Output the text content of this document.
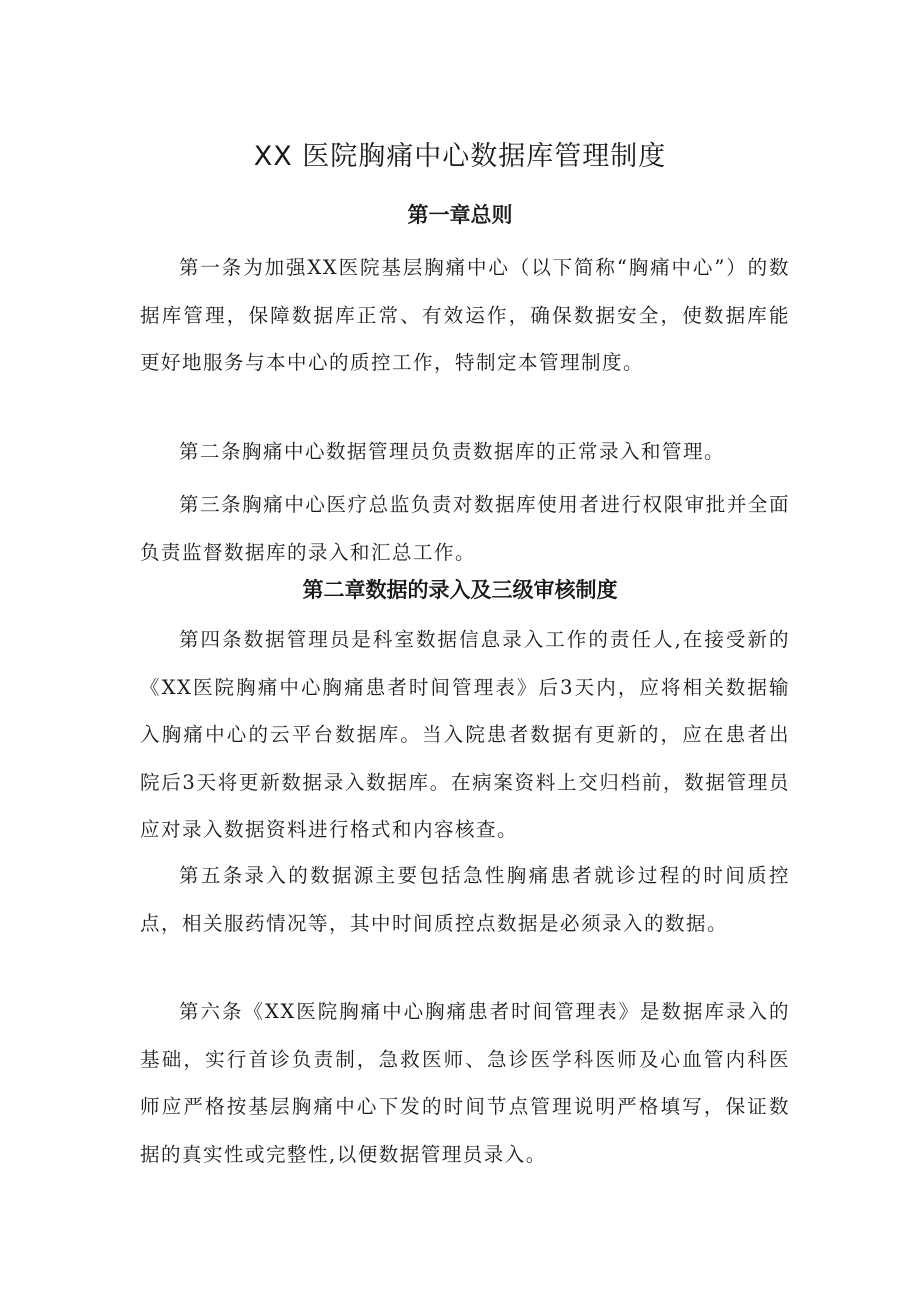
XX 医院胸痛中心数据库管理制度
第一章总则

第一条为加强XX医院基层胸痛中心（以下简称“胸痛中心”）的数据库管理，保障数据库正常、有效运作，确保数据安全，使数据库能更好地服务与本中心的质控工作，特制定本管理制度。

第二条胸痛中心数据管理员负责数据库的正常录入和管理。

第三条胸痛中心医疗总监负责对数据库使用者进行权限审批并全面负责监督数据库的录入和汇总工作。

第二章数据的录入及三级审核制度

第四条数据管理员是科室数据信息录入工作的责任人,在接受新的《XX医院胸痛中心胸痛患者时间管理表》后3天内，应将相关数据输入胸痛中心的云平台数据库。当入院患者数据有更新的，应在患者出院后3天将更新数据录入数据库。在病案资料上交归档前，数据管理员应对录入数据资料进行格式和内容核查。

第五条录入的数据源主要包括急性胸痛患者就诊过程的时间质控点，相关服药情况等，其中时间质控点数据是必须录入的数据。

第六条《XX医院胸痛中心胸痛患者时间管理表》是数据库录入的基础，实行首诊负责制，急救医师、急诊医学科医师及心血管内科医师应严格按基层胸痛中心下发的时间节点管理说明严格填写，保证数据的真实性或完整性,以便数据管理员录入。
